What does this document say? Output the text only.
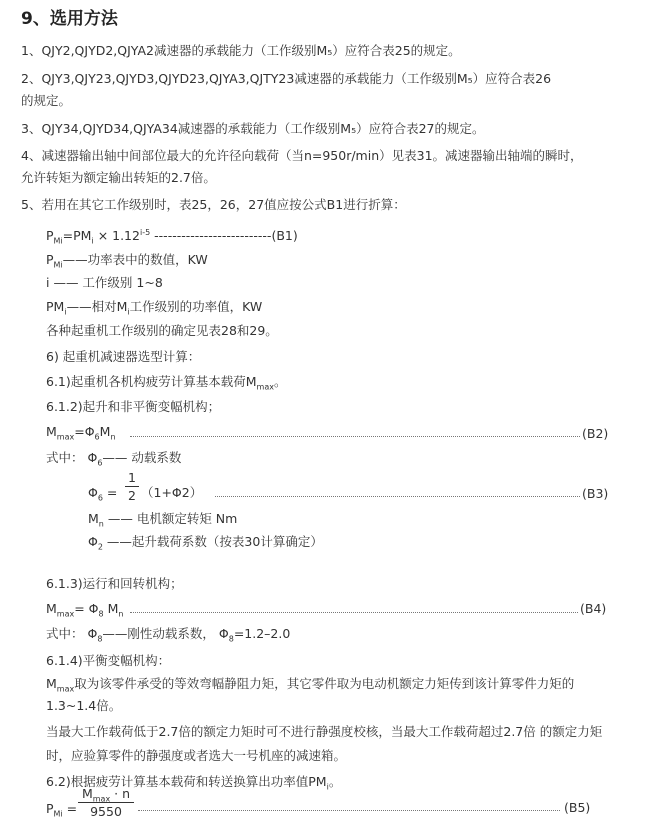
9、选用方法
1、QJY2,QJYD2,QJYA2减速器的承载能力（工作级别M₅）应符合表25的规定。
2、QJY3,QJY23,QJYD3,QJYD23,QJYA3,QJTY23减速器的承载能力（工作级别M₅）应符合表26
的规定。
3、QJY34,QJYD34,QJYA34减速器的承载能力（工作级别M₅）应符合表27的规定。
4、减速器输出轴中间部位最大的允许径向载荷（当n=950r/min）见表31。减速器输出轴端的瞬时，
允许转矩为额定输出转矩的2.7倍。
5、若用在其它工作级别时，表25，26，27值应按公式B1进行折算：
$P_{Mi}=PM_i \times 1.12^{i-5}$ --------------------------(B1)
$P_{Mi}——$功率表中的数值，KW
i —— 工作级别 1~8
$PM_i——$相对$M_i$工作级别的功率值，KW
各种起重机工作级别的确定见表28和29。
6) 起重机减速器选型计算：
6.1)起重机各机构疲劳计算基本载荷$M_{max}$。
6.1.2)起升和非平衡变幅机构；
$M_{max}=\Phi_6M_n$	(B2)
式中： $\Phi_6——$ 动载系数
$\Phi_6$ =
1
2 （1+Φ2）	(B3)
$M_n$ —— 电机额定转矩 Nm
$\Phi_2$ ——起升载荷系数（按表30计算确定）
6.1.3)运行和回转机构；
$M_{max}= \Phi_8$ $M_n$	(B4)
式中： $\Phi_8——$刚性动载系数， $\Phi_8=1.2-2.0$
6.1.4)平衡变幅机构：
$M_{max}$取为该零件承受的等效弯幅静阻力矩，其它零件取为电动机额定力矩传到该计算零件力矩的
1.3~1.4倍。
当最大工作载荷低于2.7倍的额定力矩时可不进行静强度校核，当最大工作载荷超过2.7倍 的额定力矩
时，应验算零件的静强度或者选大一号机座的减速箱。
6.2)根据疲劳计算基本载荷和转送换算出功率值$PM_i$。
$P_{Mi}$ =
$M_{max} \cdot n$
9550	(B5)
